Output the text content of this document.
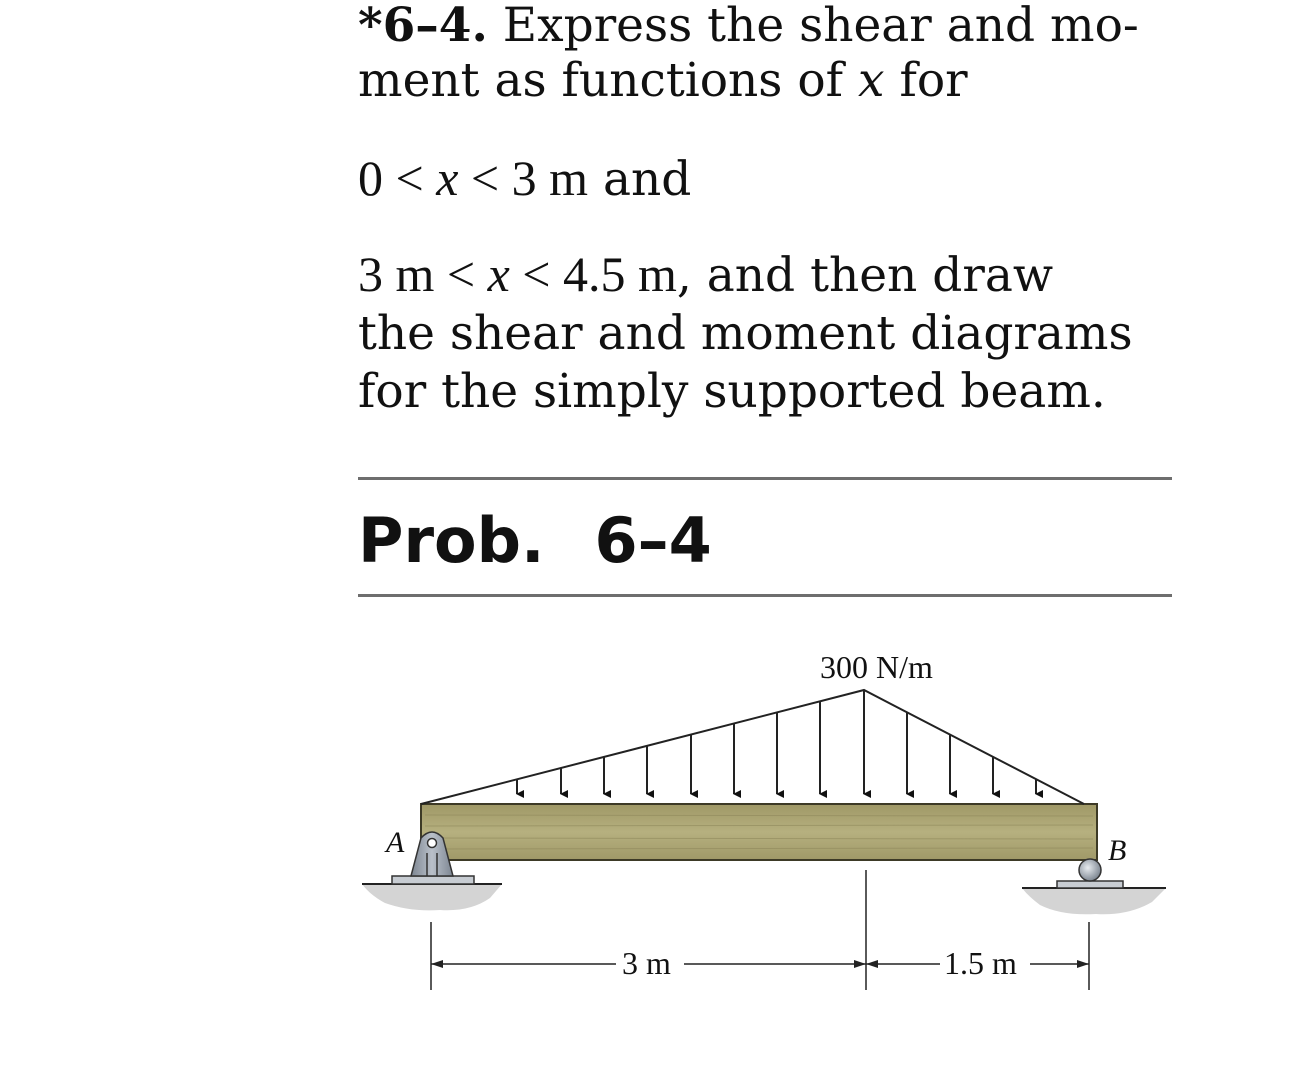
*6–4. Express the shear and mo-
ment as functions of x for
0 < x < 3 m and
3 m < x < 4.5 m, and then draw
the shear and moment diagrams
for the simply supported beam.
Prob. 6–4
A	B
300 N/m
3 m	1.5 m
